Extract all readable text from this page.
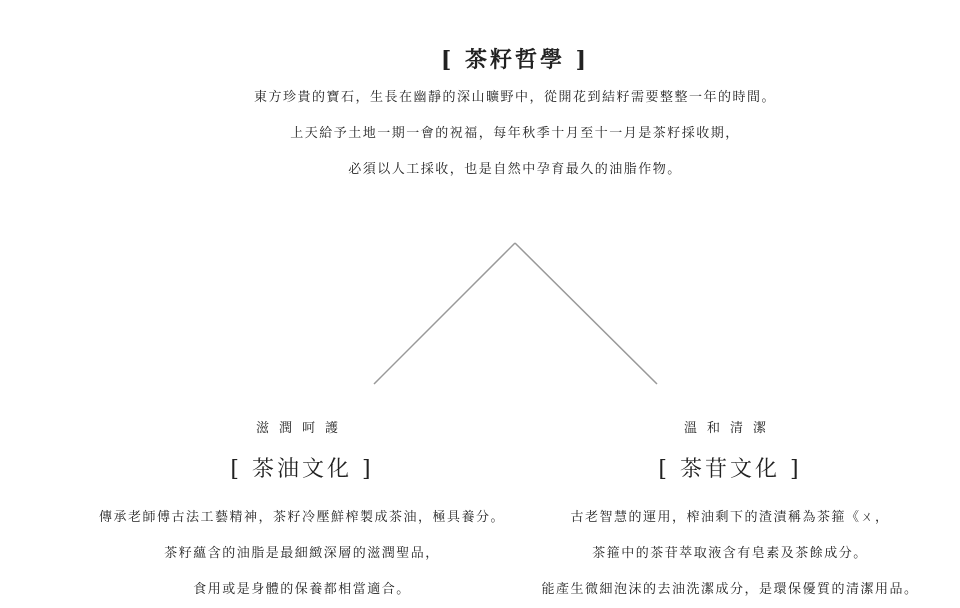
[ 茶籽哲學 ]

東方珍貴的寶石，生長在幽靜的深山曠野中，從開花到結籽需要整整一年的時間。

上天給予土地一期一會的祝福，每年秋季十月至十一月是茶籽採收期，

必須以人工採收，也是自然中孕育最久的油脂作物。

滋潤呵護
[ 茶油文化 ]

傳承老師傅古法工藝精神，茶籽冷壓鮮榨製成茶油，極具養分。

茶籽蘊含的油脂是最細緻深層的滋潤聖品，

食用或是身體的保養都相當適合。

溫和清潔
[ 茶苷文化 ]

古老智慧的運用，榨油剩下的渣漬稱為茶箍《ㄨ，

茶箍中的茶苷萃取液含有皂素及茶餘成分。

能產生微細泡沫的去油洗潔成分，是環保優質的清潔用品。
